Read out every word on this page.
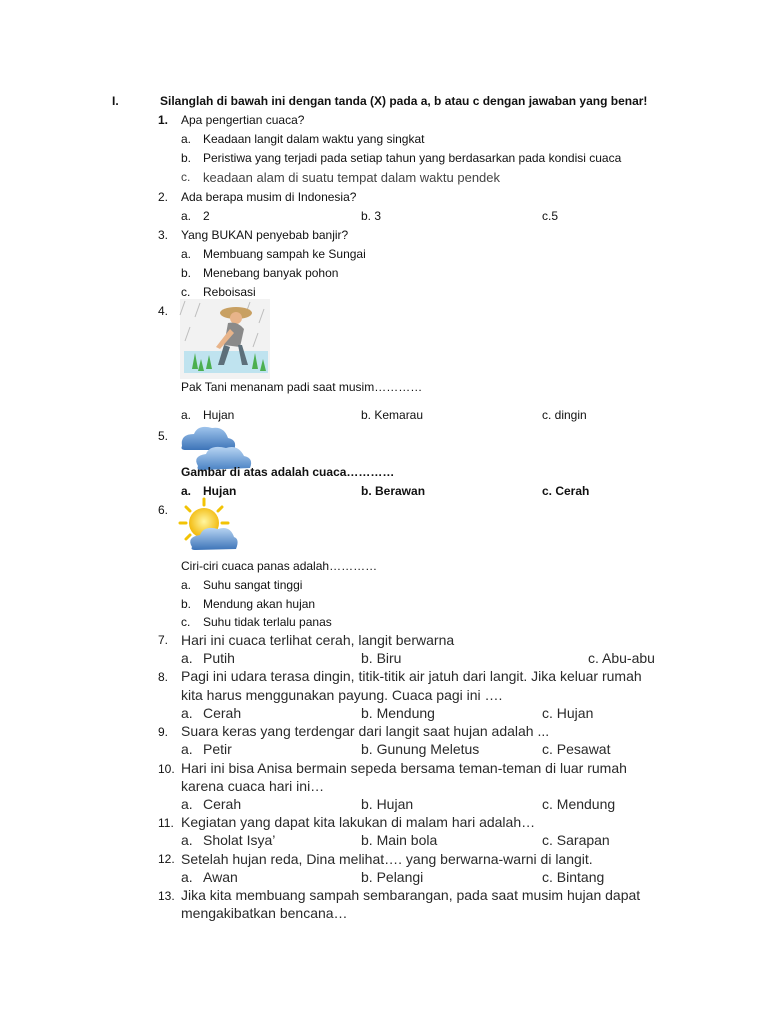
I.	Silanglah di bawah ini dengan tanda (X) pada a, b atau c dengan jawaban yang benar!
1. Apa pengertian cuaca?
a. Keadaan langit dalam waktu yang singkat
b. Peristiwa yang terjadi pada setiap tahun yang berdasarkan pada kondisi cuaca
c. keadaan alam di suatu tempat dalam waktu pendek
2. Ada berapa musim di Indonesia?
a. 2	b. 3	c.5
3. Yang BUKAN penyebab banjir?
a. Membuang sampah ke Sungai
b. Menebang banyak pohon
c. Reboisasi
4.
Pak Tani menanam padi saat musim…………
a. Hujan	b. Kemarau	c. dingin
5.
Gambar di atas adalah cuaca…………
a. Hujan	b. Berawan	c. Cerah
6.
Ciri-ciri cuaca panas adalah…………
a. Suhu sangat tinggi
b. Mendung akan hujan
c. Suhu tidak terlalu panas
7. Hari ini cuaca terlihat cerah, langit berwarna
a. Putih	b. Biru	c. Abu-abu
8. Pagi ini udara terasa dingin, titik-titik air jatuh dari langit. Jika keluar rumah
kita harus menggunakan payung. Cuaca pagi ini ….
a. Cerah	b. Mendung	c. Hujan
9. Suara keras yang terdengar dari langit saat hujan adalah ...
a. Petir	b. Gunung Meletus	c. Pesawat
10. Hari ini bisa Anisa bermain sepeda bersama teman-teman di luar rumah
karena cuaca hari ini…
a. Cerah	b. Hujan	c. Mendung
11. Kegiatan yang dapat kita lakukan di malam hari adalah…
a. Sholat Isya’	b. Main bola	c. Sarapan
12. Setelah hujan reda, Dina melihat…. yang berwarna-warni di langit.
a. Awan	b. Pelangi	c. Bintang
13. Jika kita membuang sampah sembarangan, pada saat musim hujan dapat
mengakibatkan bencana…
